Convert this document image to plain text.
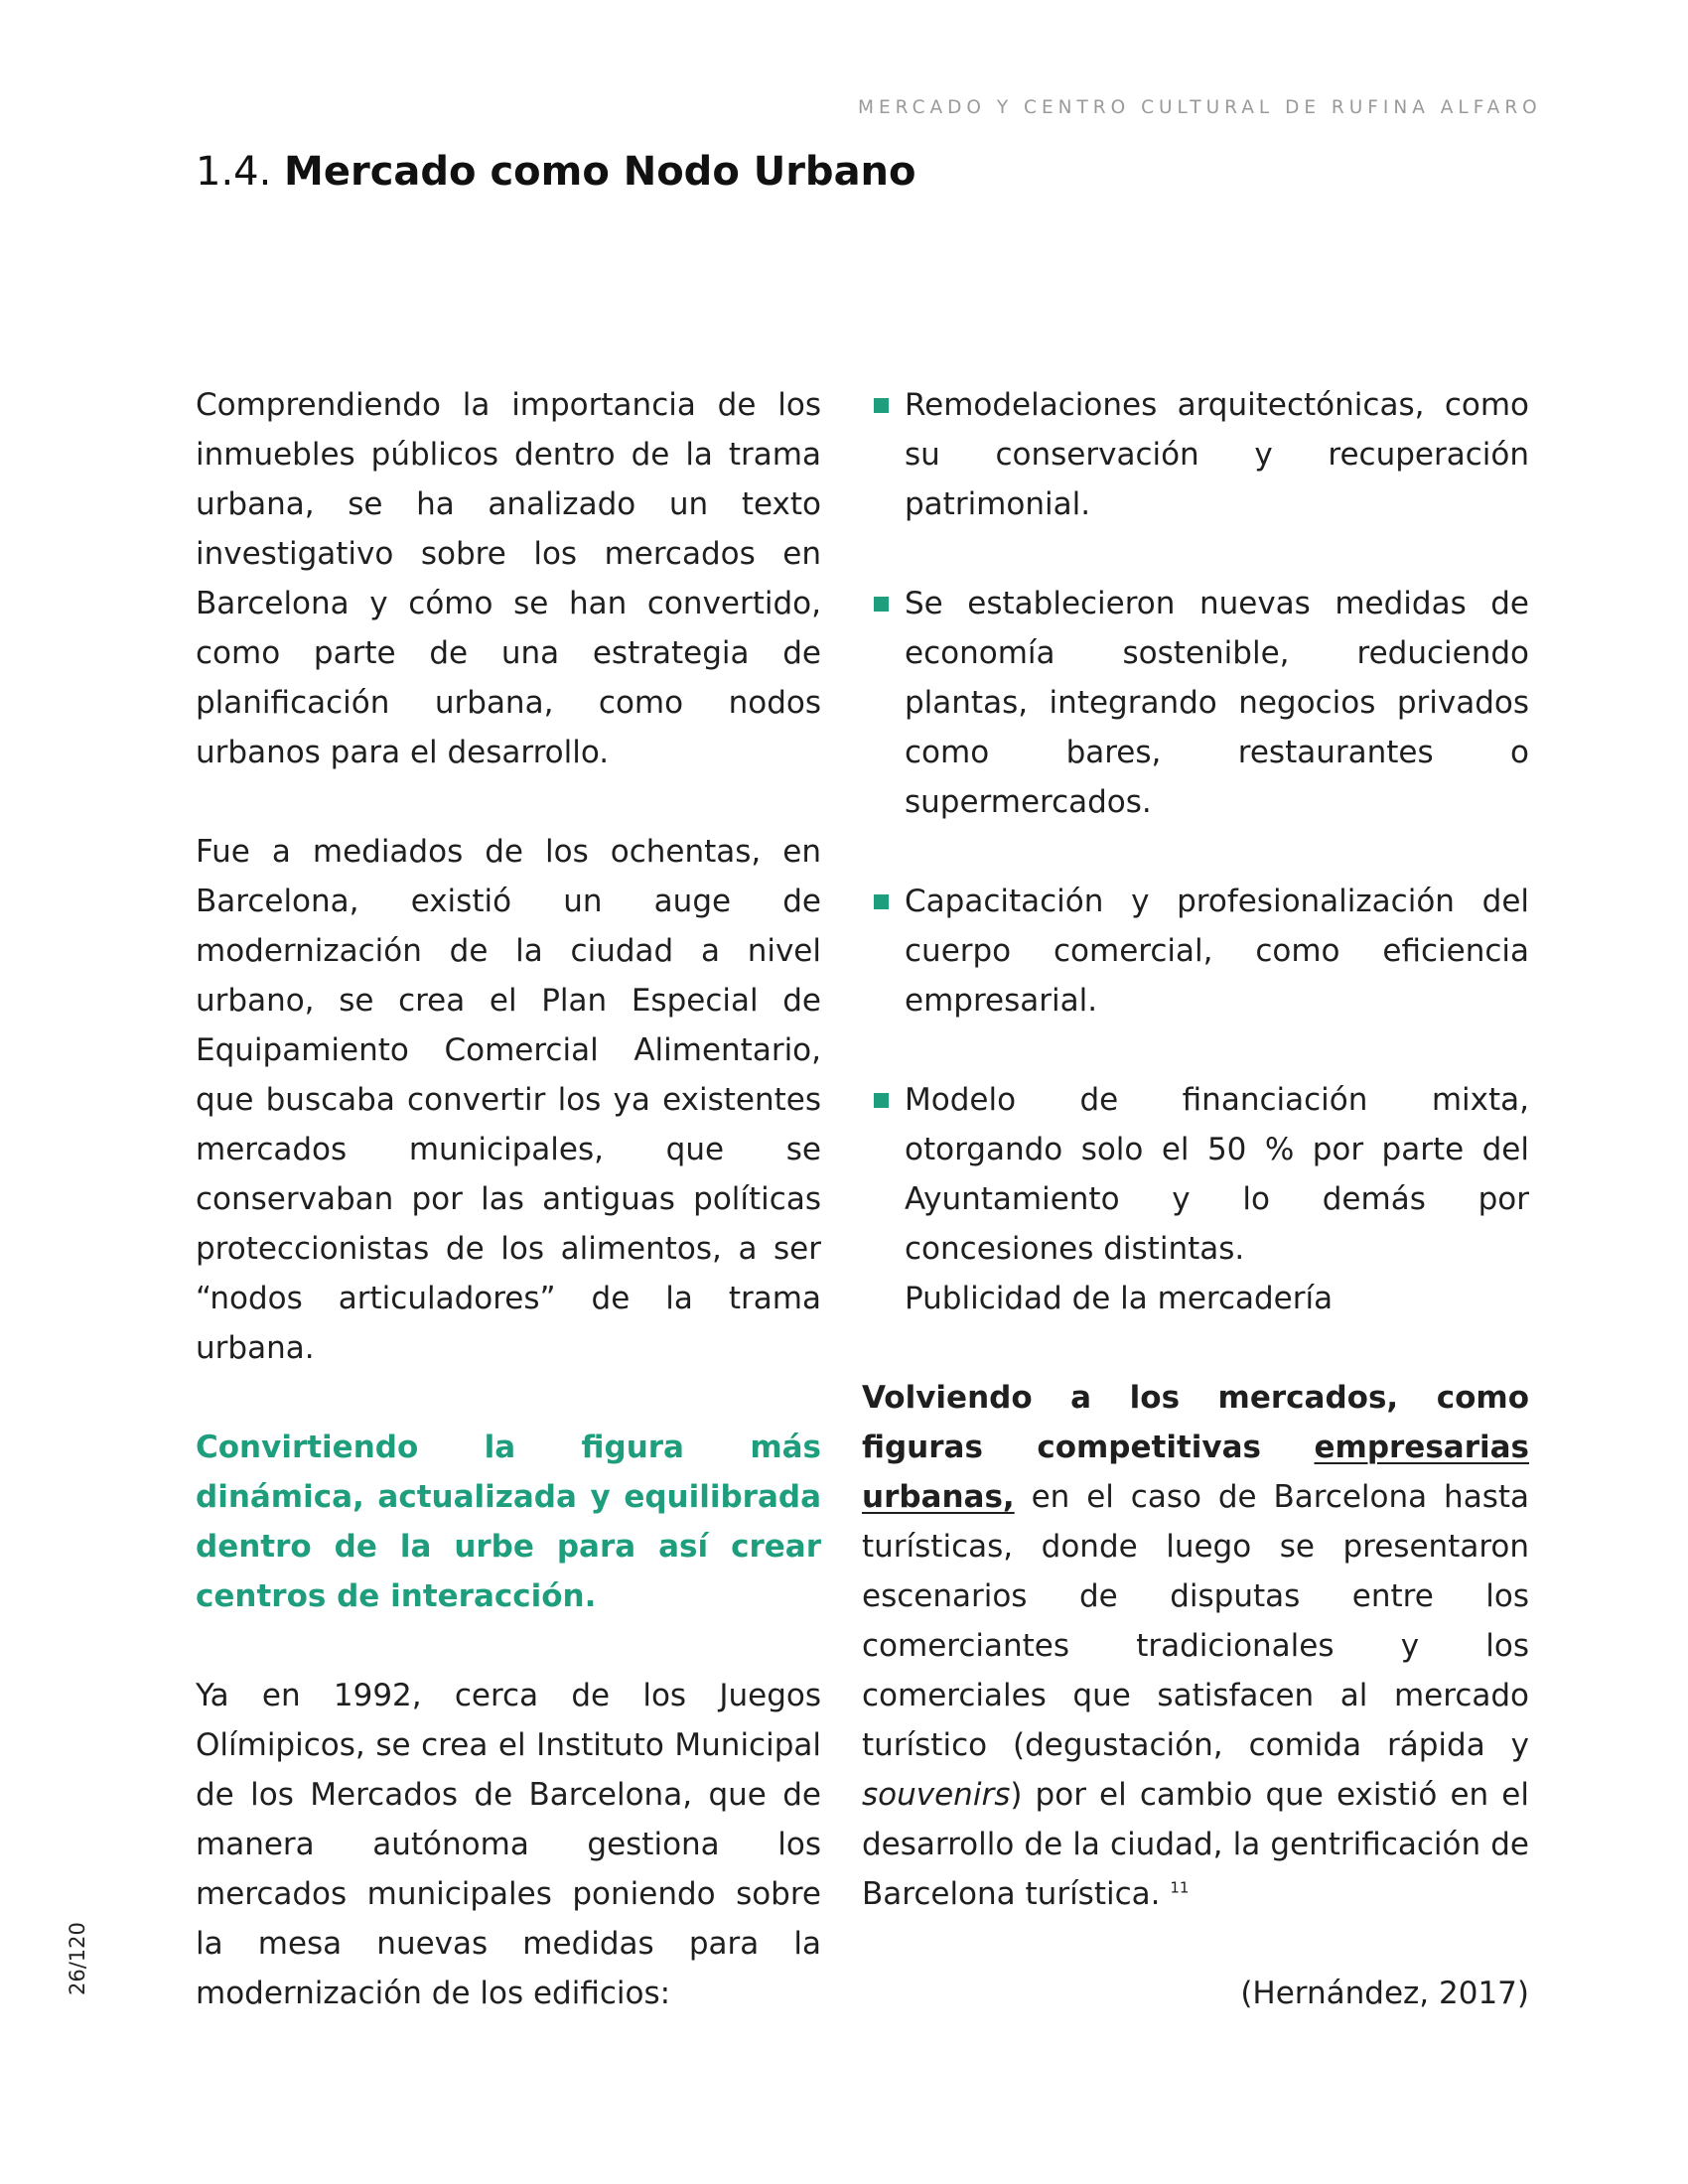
MERCADO Y CENTRO CULTURAL DE RUFINA ALFARO
1.4. Mercado como Nodo Urbano

Comprendiendo la importancia de los inmuebles públicos dentro de la trama urbana, se ha analizado un texto investigativo sobre los mercados en Barcelona y cómo se han convertido, como parte de una estrategia de planificación urbana, como nodos urbanos para el desarrollo.

Fue a mediados de los ochentas, en Barcelona, existió un auge de modernización de la ciudad a nivel urbano, se crea el Plan Especial de Equipamiento Comercial Alimentario, que buscaba convertir los ya existentes mercados municipales, que se conservaban por las antiguas políticas proteccionistas de los alimentos, a ser “nodos articuladores” de la trama urbana.

Convirtiendo la figura más dinámica, actualizada y equilibrada dentro de la urbe para así crear centros de interacción.

Ya en 1992, cerca de los Juegos Olímipicos, se crea el Instituto Municipal de los Mercados de Barcelona, que de manera autónoma gestiona los mercados municipales poniendo sobre la mesa nuevas medidas para la modernización de los edificios:

Remodelaciones arquitectónicas, como su conservación y recuperación patrimonial.
Se establecieron nuevas medidas de economía sostenible, reduciendo plantas, integrando negocios privados como bares, restaurantes o supermercados.
Capacitación y profesionalización del cuerpo comercial, como eficiencia empresarial.
Modelo de financiación mixta, otorgando solo el 50 % por parte del Ayuntamiento y lo demás por concesiones distintas.
Publicidad de la mercadería

Volviendo a los mercados, como figuras competitivas empresarias urbanas, en el caso de Barcelona hasta turísticas, donde luego se presentaron escenarios de disputas entre los comerciantes tradicionales y los comerciales que satisfacen al mercado turístico (degustación, comida rápida y souvenirs) por el cambio que existió en el desarrollo de la ciudad, la gentrificación de Barcelona turística. $^{11}$

(Hernández, 2017)

26/120
